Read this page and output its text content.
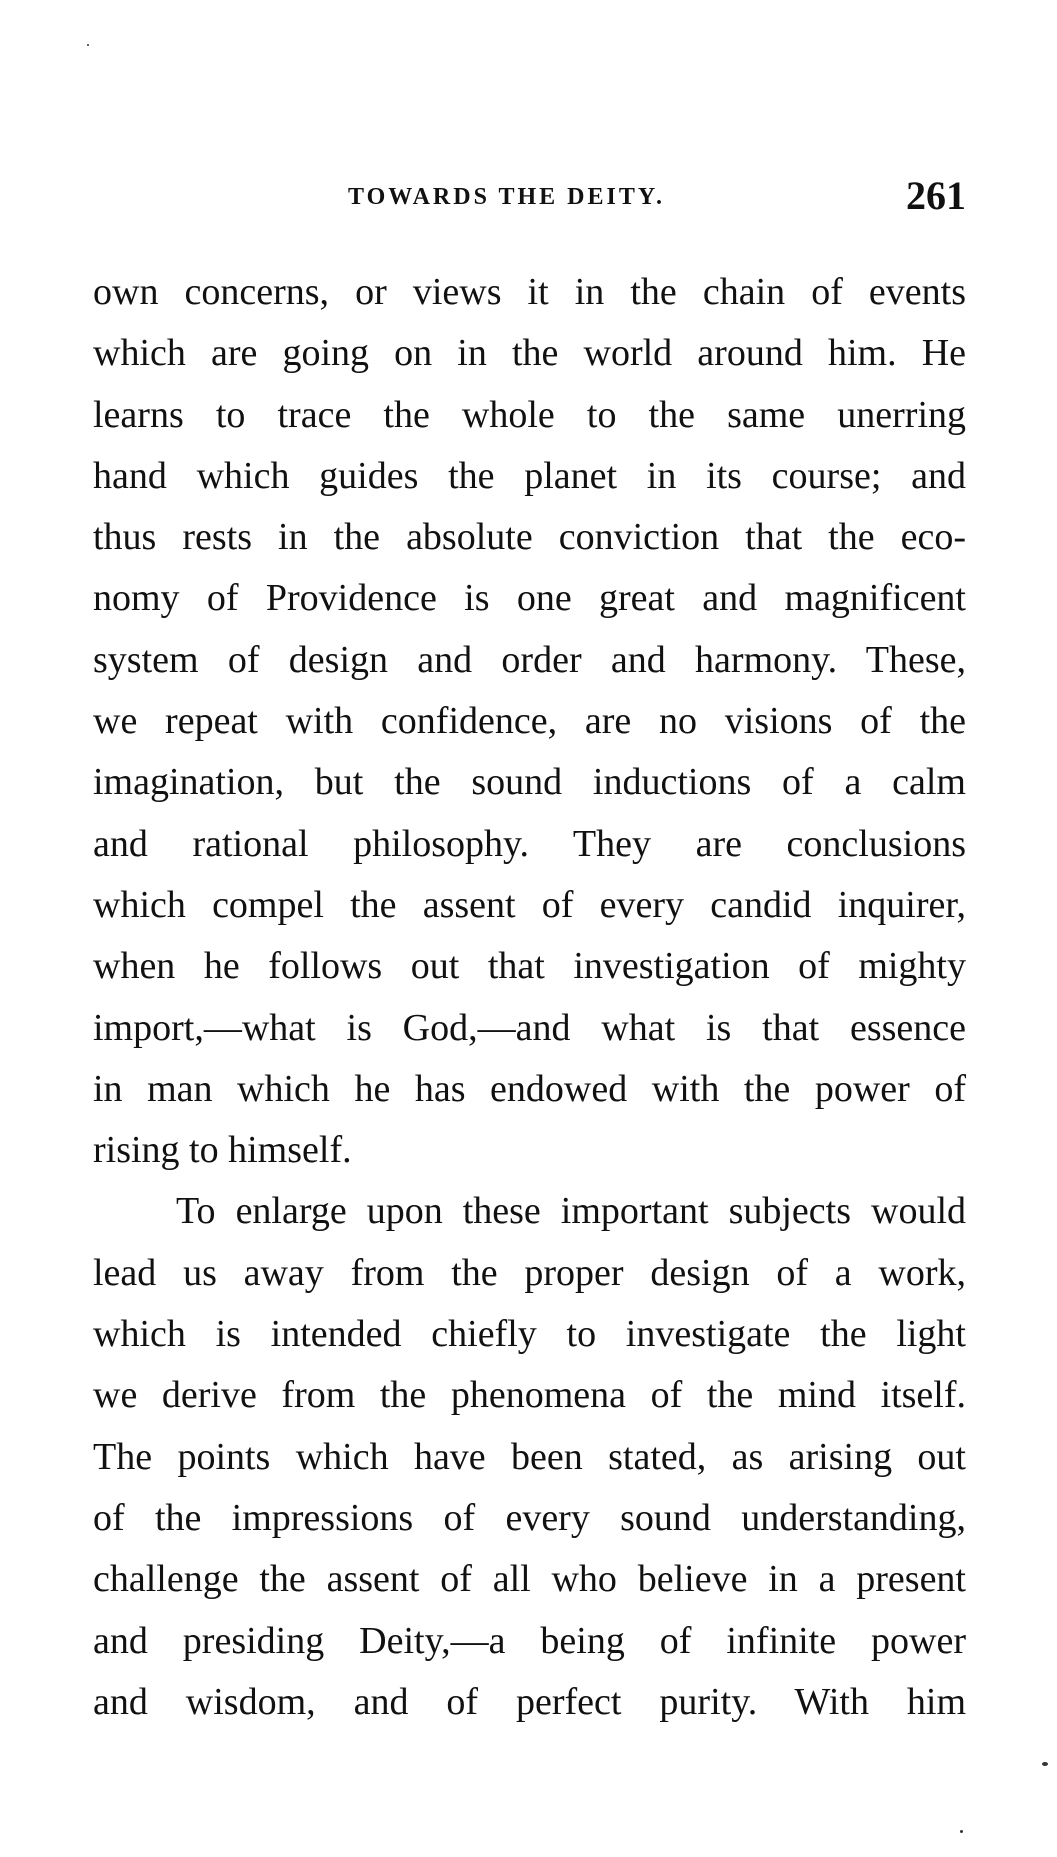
TOWARDS THE DEITY.	261
own concerns, or views it in the chain of events
which are going on in the world around him. He
learns to trace the whole to the same unerring
hand which guides the planet in its course; and
thus rests in the absolute conviction that the eco-
nomy of Providence is one great and magnificent
system of design and order and harmony. These,
we repeat with confidence, are no visions of the
imagination, but the sound inductions of a calm
and rational philosophy. They are conclusions
which compel the assent of every candid inquirer,
when he follows out that investigation of mighty
import,—what is God,—and what is that essence
in man which he has endowed with the power of
rising to himself.
To enlarge upon these important subjects would
lead us away from the proper design of a work,
which is intended chiefly to investigate the light
we derive from the phenomena of the mind itself.
The points which have been stated, as arising out
of the impressions of every sound understanding,
challenge the assent of all who believe in a present
and presiding Deity,—a being of infinite power
and wisdom, and of perfect purity. With him
